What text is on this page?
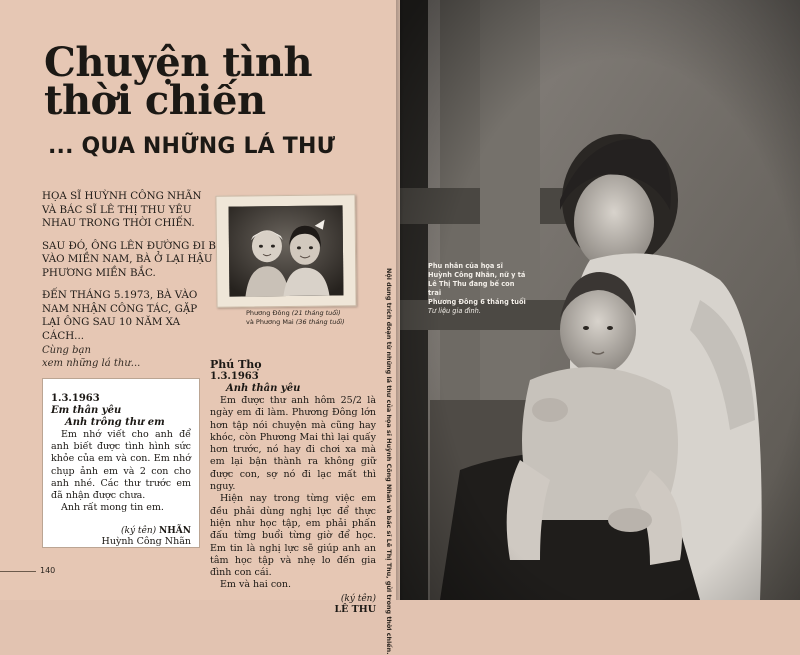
Chuyện tình
thời chiến
... QUA NHỮNG LÁ THƯ

HỌA SĨ HUỲNH CÔNG NHÃN VÀ BÁC SĨ LÊ THỊ THU YÊU NHAU TRONG THỜI CHIẾN.

SAU ĐÓ, ÔNG LÊN ĐƯỜNG ĐI B VÀO MIỀN NAM, BÀ Ở LẠI HẬU PHƯƠNG MIỀN BẮC.

ĐẾN THÁNG 5.1973, BÀ VÀO NAM NHẬN CÔNG TÁC, GẶP LẠI ÔNG SAU 10 NĂM XA CÁCH...

Cùng bạn
xem những lá thư...
Phương Đông (21 tháng tuổi)
và Phương Mai (36 tháng tuổi)
1.3.1963
Em thân yêu
Anh trông thư em

Em nhớ viết cho anh để anh biết được tình hình sức khỏe của em và con. Em nhớ chụp ảnh em và 2 con cho anh nhé. Các thư trước em đã nhận được chưa.

Anh rất mong tin em.

(ký tên) NHÃN
Huỳnh Công Nhãn
Phú Thọ
1.3.1963
Anh thân yêu

Em được thư anh hôm 25/2 là ngày em đi làm. Phương Đông lớn hơn tập nói chuyện mà cũng hay khóc, còn Phương Mai thì lại quấy hơn trước, nó hay đi chơi xa mà em lại bận thành ra không giữ được con, sợ nó đi lạc mất thì nguy.

Hiện nay trong từng việc em đều phải dùng nghị lực để thực hiện như học tập, em phải phấn đấu từng buổi từng giờ để học. Em tin là nghị lực sẽ giúp anh an tâm học tập và nhẹ lo đến gia đình con cái.

Em và hai con.

(ký tên)
LÊ THU
140	Nội dung trích đoạn từ những lá thư của họa sĩ Huỳnh Công Nhãn và bác sĩ Lê Thị Thu, gửi trong thời chiến.
Phu nhân của họa sĩ
Huỳnh Công Nhãn, nữ y tá
Lê Thị Thu đang bế con trai
Phương Đông 6 tháng tuổi
Tư liệu gia đình.
